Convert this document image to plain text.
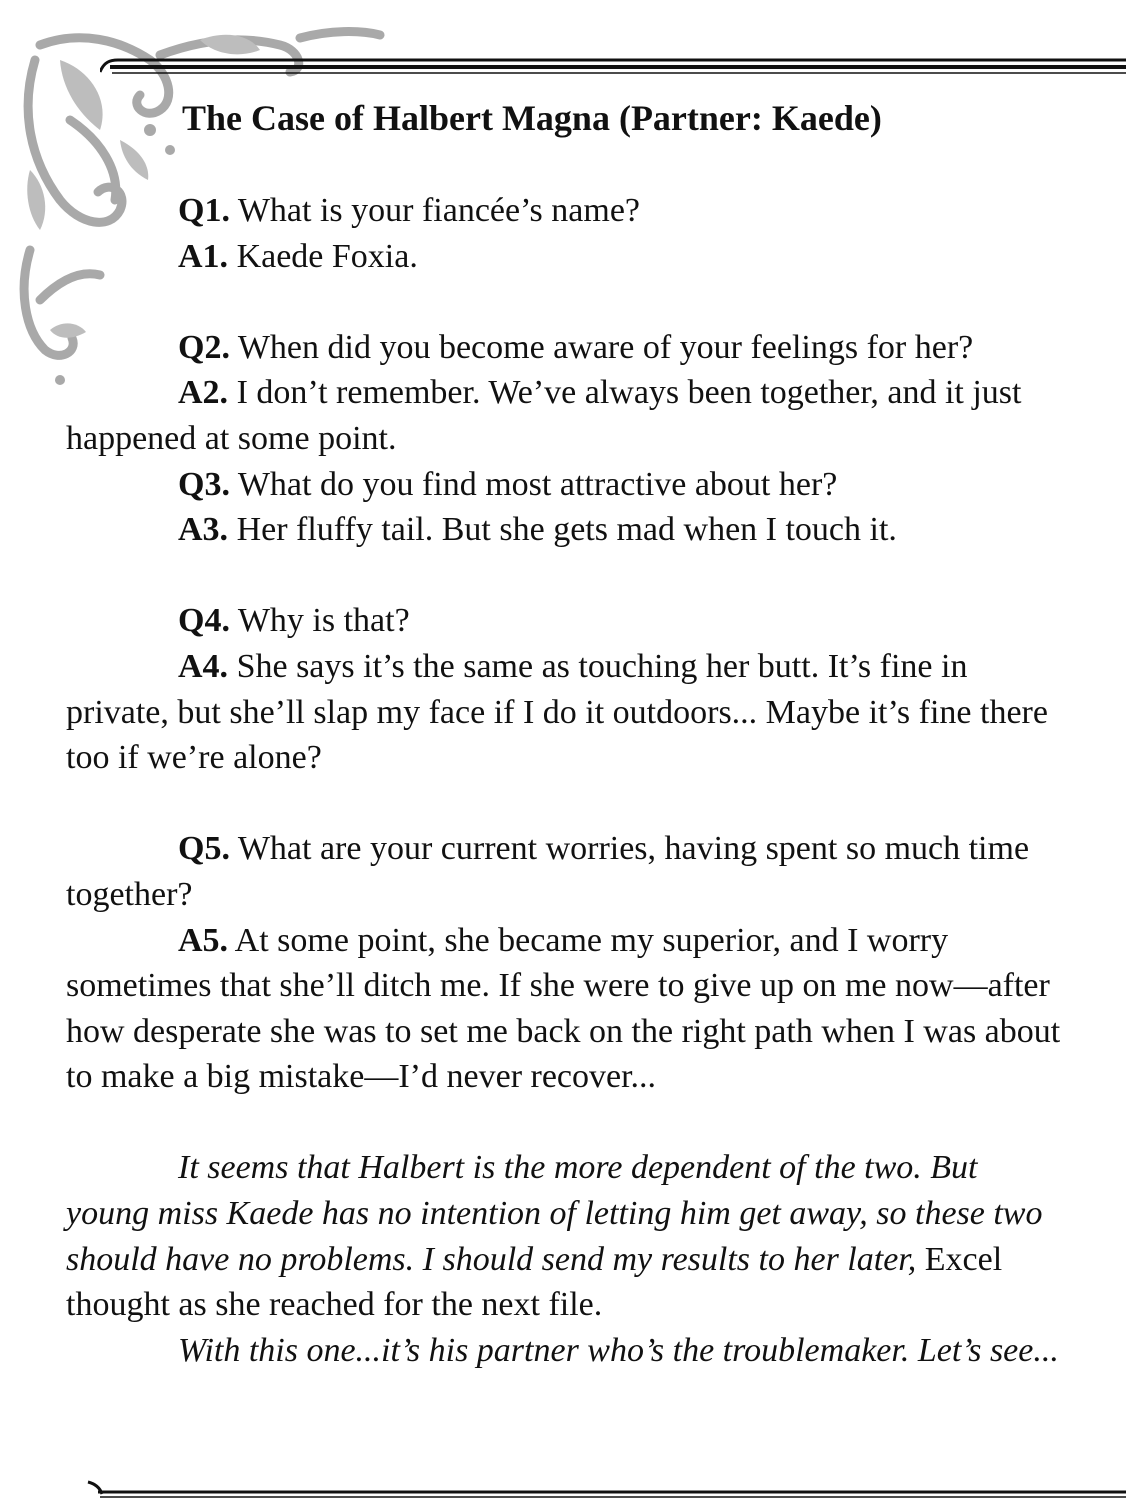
The Case of Halbert Magna (Partner: Kaede)

Q1. What is your fiancée’s name?

A1. Kaede Foxia.

Q2. When did you become aware of your feelings for her?

A2. I don’t remember. We’ve always been together, and it just happened at some point.

Q3. What do you find most attractive about her?

A3. Her fluffy tail. But she gets mad when I touch it.

Q4. Why is that?

A4. She says it’s the same as touching her butt. It’s fine in private, but she’ll slap my face if I do it outdoors... Maybe it’s fine there too if we’re alone?

Q5. What are your current worries, having spent so much time together?

A5. At some point, she became my superior, and I worry sometimes that she’ll ditch me. If she were to give up on me now—after how desperate she was to set me back on the right path when I was about to make a big mistake—I’d never recover...

It seems that Halbert is the more dependent of the two. But young miss Kaede has no intention of letting him get away, so these two should have no problems. I should send my results to her later, Excel thought as she reached for the next file.

With this one...it’s his partner who’s the troublemaker. Let’s see...
